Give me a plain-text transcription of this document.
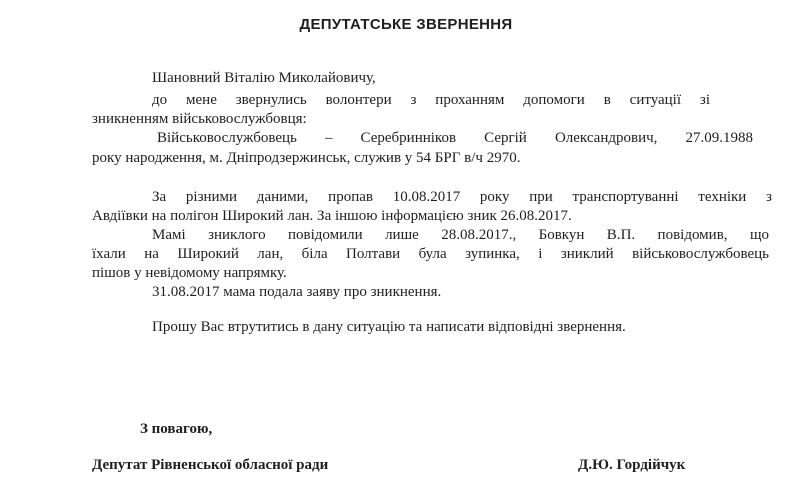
ДЕПУТАТСЬКЕ ЗВЕРНЕННЯ
Шановний Віталію Миколайовичу,
до мене звернулись волонтери з проханням допомоги в ситуації зі
зникненням військовослужбовця:
Військовослужбовець – Серебринніков Сергій Олександрович, 27.09.1988
року народження, м. Дніпродзержинськ, служив у 54 БРГ в/ч 2970.
За різними даними, пропав 10.08.2017 року при транспортуванні техніки з
Авдіївки на полігон Широкий лан. За іншою інформацією зник 26.08.2017.
Мамі зниклого повідомили лише 28.08.2017., Бовкун В.П. повідомив, що
їхали на Широкий лан, біла Полтави була зупинка, і зниклий військовослужбовець
пішов у невідомому напрямку.
31.08.2017 мама подала заяву про зникнення.
Прошу Вас втрутитись в дану ситуацію та написати відповідні звернення.
З повагою,
Депутат Рівненської обласної ради	Д.Ю. Гордійчук
